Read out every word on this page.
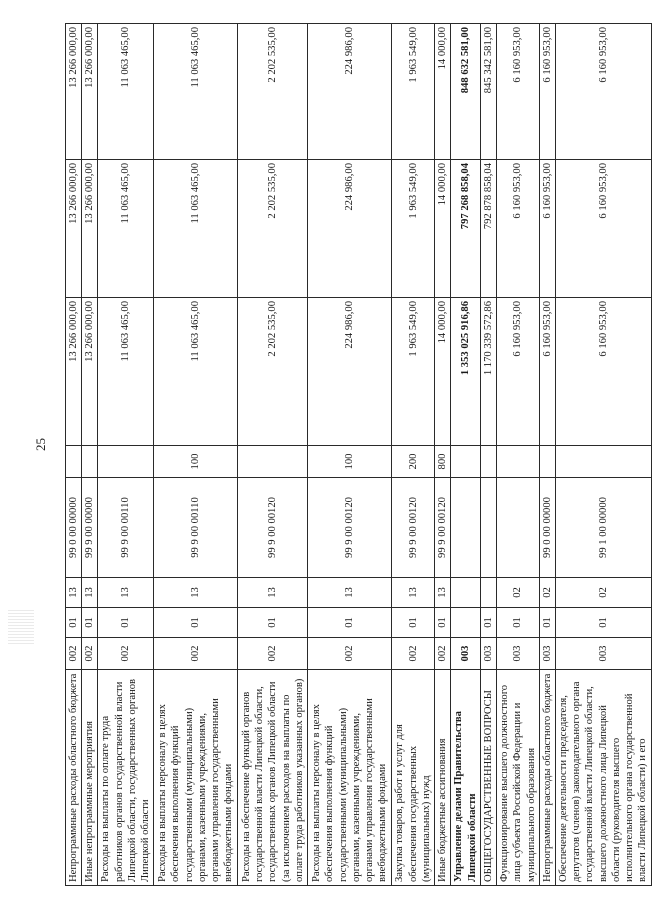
25
Непрограммные расходы областного бюджета	002	01	13	99 0 00 00000		13 266 000,00	13 266 000,00	13 266 000,00
Иные непрограммные мероприятия	002	01	13	99 9 00 00000		13 266 000,00	13 266 000,00	13 266 000,00
Расходы на выплаты по оплате труда работников органов государственной власти Липецкой области, государственных органов Липецкой области	002	01	13	99 9 00 00110		11 063 465,00	11 063 465,00	11 063 465,00
Расходы на выплаты персоналу в целях обеспечения выполнения функций государственными (муниципальными) органами, казенными учреждениями, органами управления государственными внебюджетными фондами	002	01	13	99 9 00 00110	100	11 063 465,00	11 063 465,00	11 063 465,00
Расходы на обеспечение функций органов государственной власти Липецкой области, государственных органов Липецкой области (за исключением расходов на выплаты по оплате труда работников указанных органов)	002	01	13	99 9 00 00120		2 202 535,00	2 202 535,00	2 202 535,00
Расходы на выплаты персоналу в целях обеспечения выполнения функций государственными (муниципальными) органами, казенными учреждениями, органами управления государственными внебюджетными фондами	002	01	13	99 9 00 00120	100	224 986,00	224 986,00	224 986,00
Закупка товаров, работ и услуг для обеспечения государственных (муниципальных) нужд	002	01	13	99 9 00 00120	200	1 963 549,00	1 963 549,00	1 963 549,00
Иные бюджетные ассигнования	002	01	13	99 9 00 00120	800	14 000,00	14 000,00	14 000,00
Управление делами Правительства Липецкой области	003					1 353 025 916,86	797 268 858,04	848 632 581,00
ОБЩЕГОСУДАРСТВЕННЫЕ ВОПРОСЫ	003	01				1 170 339 572,86	792 878 858,04	845 342 581,00
Функционирование высшего должностного лица субъекта Российской Федерации и муниципального образования	003	01	02			6 160 953,00	6 160 953,00	6 160 953,00
Непрограммные расходы областного бюджета	003	01	02	99 0 00 00000		6 160 953,00	6 160 953,00	6 160 953,00
Обеспечение деятельности председателя, депутатов (членов) законодательного органа государственной власти Липецкой области, высшего должностного лица Липецкой области (руководителя высшего исполнительного органа государственной власти Липецкой области) и его	003	01	02	99 1 00 00000		6 160 953,00	6 160 953,00	6 160 953,00
